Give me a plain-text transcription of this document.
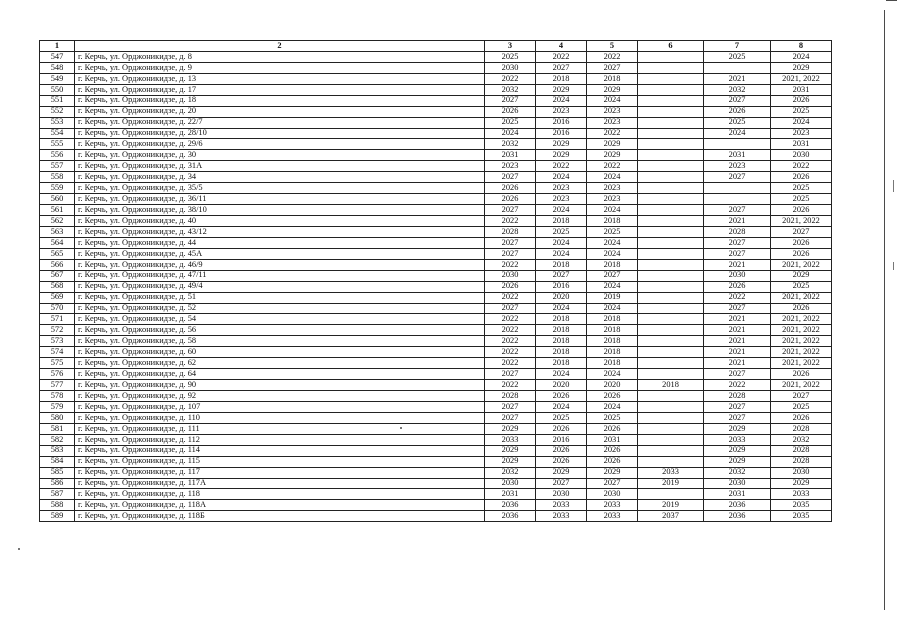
1	2	3	4	5	6	7	8
547	г. Керчь, ул. Орджоникидзе, д. 8	2025	2022	2022		2025	2024
548	г. Керчь, ул. Орджоникидзе, д. 9	2030	2027	2027			2029
549	г. Керчь, ул. Орджоникидзе, д. 13	2022	2018	2018		2021	2021, 2022
550	г. Керчь, ул. Орджоникидзе, д. 17	2032	2029	2029		2032	2031
551	г. Керчь, ул. Орджоникидзе, д. 18	2027	2024	2024		2027	2026
552	г. Керчь, ул. Орджоникидзе, д. 20	2026	2023	2023		2026	2025
553	г. Керчь, ул. Орджоникидзе, д. 22/7	2025	2016	2023		2025	2024
554	г. Керчь, ул. Орджоникидзе, д. 28/10	2024	2016	2022		2024	2023
555	г. Керчь, ул. Орджоникидзе, д. 29/6	2032	2029	2029			2031
556	г. Керчь, ул. Орджоникидзе, д. 30	2031	2029	2029		2031	2030
557	г. Керчь, ул. Орджоникидзе, д. 31А	2023	2022	2022		2023	2022
558	г. Керчь, ул. Орджоникидзе, д. 34	2027	2024	2024		2027	2026
559	г. Керчь, ул. Орджоникидзе, д. 35/5	2026	2023	2023			2025
560	г. Керчь, ул. Орджоникидзе, д. 36/11	2026	2023	2023			2025
561	г. Керчь, ул. Орджоникидзе, д. 38/10	2027	2024	2024		2027	2026
562	г. Керчь, ул. Орджоникидзе, д. 40	2022	2018	2018		2021	2021, 2022
563	г. Керчь, ул. Орджоникидзе, д. 43/12	2028	2025	2025		2028	2027
564	г. Керчь, ул. Орджоникидзе, д. 44	2027	2024	2024		2027	2026
565	г. Керчь, ул. Орджоникидзе, д. 45А	2027	2024	2024		2027	2026
566	г. Керчь, ул. Орджоникидзе, д. 46/9	2022	2018	2018		2021	2021, 2022
567	г. Керчь, ул. Орджоникидзе, д. 47/11	2030	2027	2027		2030	2029
568	г. Керчь, ул. Орджоникидзе, д. 49/4	2026	2016	2024		2026	2025
569	г. Керчь, ул. Орджоникидзе, д. 51	2022	2020	2019		2022	2021, 2022
570	г. Керчь, ул. Орджоникидзе, д. 52	2027	2024	2024		2027	2026
571	г. Керчь, ул. Орджоникидзе, д. 54	2022	2018	2018		2021	2021, 2022
572	г. Керчь, ул. Орджоникидзе, д. 56	2022	2018	2018		2021	2021, 2022
573	г. Керчь, ул. Орджоникидзе, д. 58	2022	2018	2018		2021	2021, 2022
574	г. Керчь, ул. Орджоникидзе, д. 60	2022	2018	2018		2021	2021, 2022
575	г. Керчь, ул. Орджоникидзе, д. 62	2022	2018	2018		2021	2021, 2022
576	г. Керчь, ул. Орджоникидзе, д. 64	2027	2024	2024		2027	2026
577	г. Керчь, ул. Орджоникидзе, д. 90	2022	2020	2020	2018	2022	2021, 2022
578	г. Керчь, ул. Орджоникидзе, д. 92	2028	2026	2026		2028	2027
579	г. Керчь, ул. Орджоникидзе, д. 107	2027	2024	2024		2027	2025
580	г. Керчь, ул. Орджоникидзе, д. 110	2027	2025	2025		2027	2026
581	г. Керчь, ул. Орджоникидзе, д. 111	2029	2026	2026		2029	2028
582	г. Керчь, ул. Орджоникидзе, д. 112	2033	2016	2031		2033	2032
583	г. Керчь, ул. Орджоникидзе, д. 114	2029	2026	2026		2029	2028
584	г. Керчь, ул. Орджоникидзе, д. 115	2029	2026	2026		2029	2028
585	г. Керчь, ул. Орджоникидзе, д. 117	2032	2029	2029	2033	2032	2030
586	г. Керчь, ул. Орджоникидзе, д. 117А	2030	2027	2027	2019	2030	2029
587	г. Керчь, ул. Орджоникидзе, д. 118	2031	2030	2030		2031	2033
588	г. Керчь, ул. Орджоникидзе, д. 118А	2036	2033	2033	2019	2036	2035
589	г. Керчь, ул. Орджоникидзе, д. 118Б	2036	2033	2033	2037	2036	2035
